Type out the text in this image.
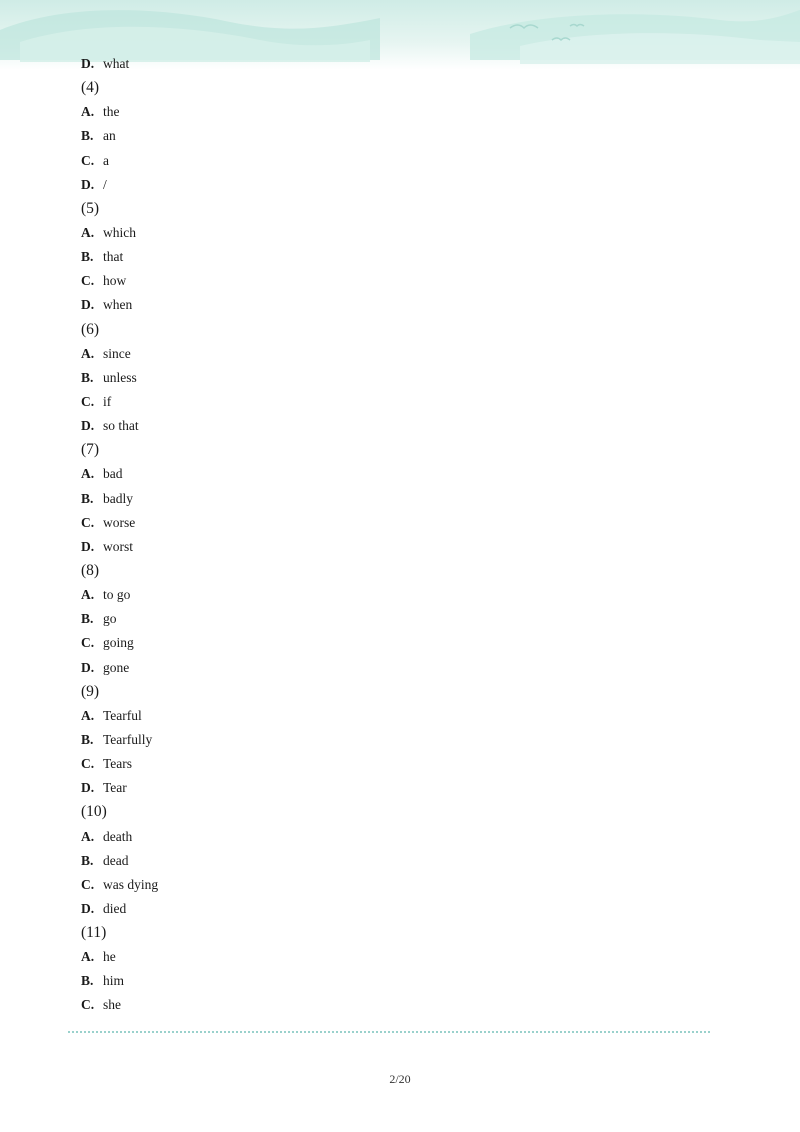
D. what
(4)
A. the
B. an
C. a
D. /
(5)
A. which
B. that
C. how
D. when
(6)
A. since
B. unless
C. if
D. so that
(7)
A. bad
B. badly
C. worse
D. worst
(8)
A. to go
B. go
C. going
D. gone
(9)
A. Tearful
B. Tearfully
C. Tears
D. Tear
(10)
A. death
B. dead
C. was dying
D. died
(11)
A. he
B. him
C. she
2/20
